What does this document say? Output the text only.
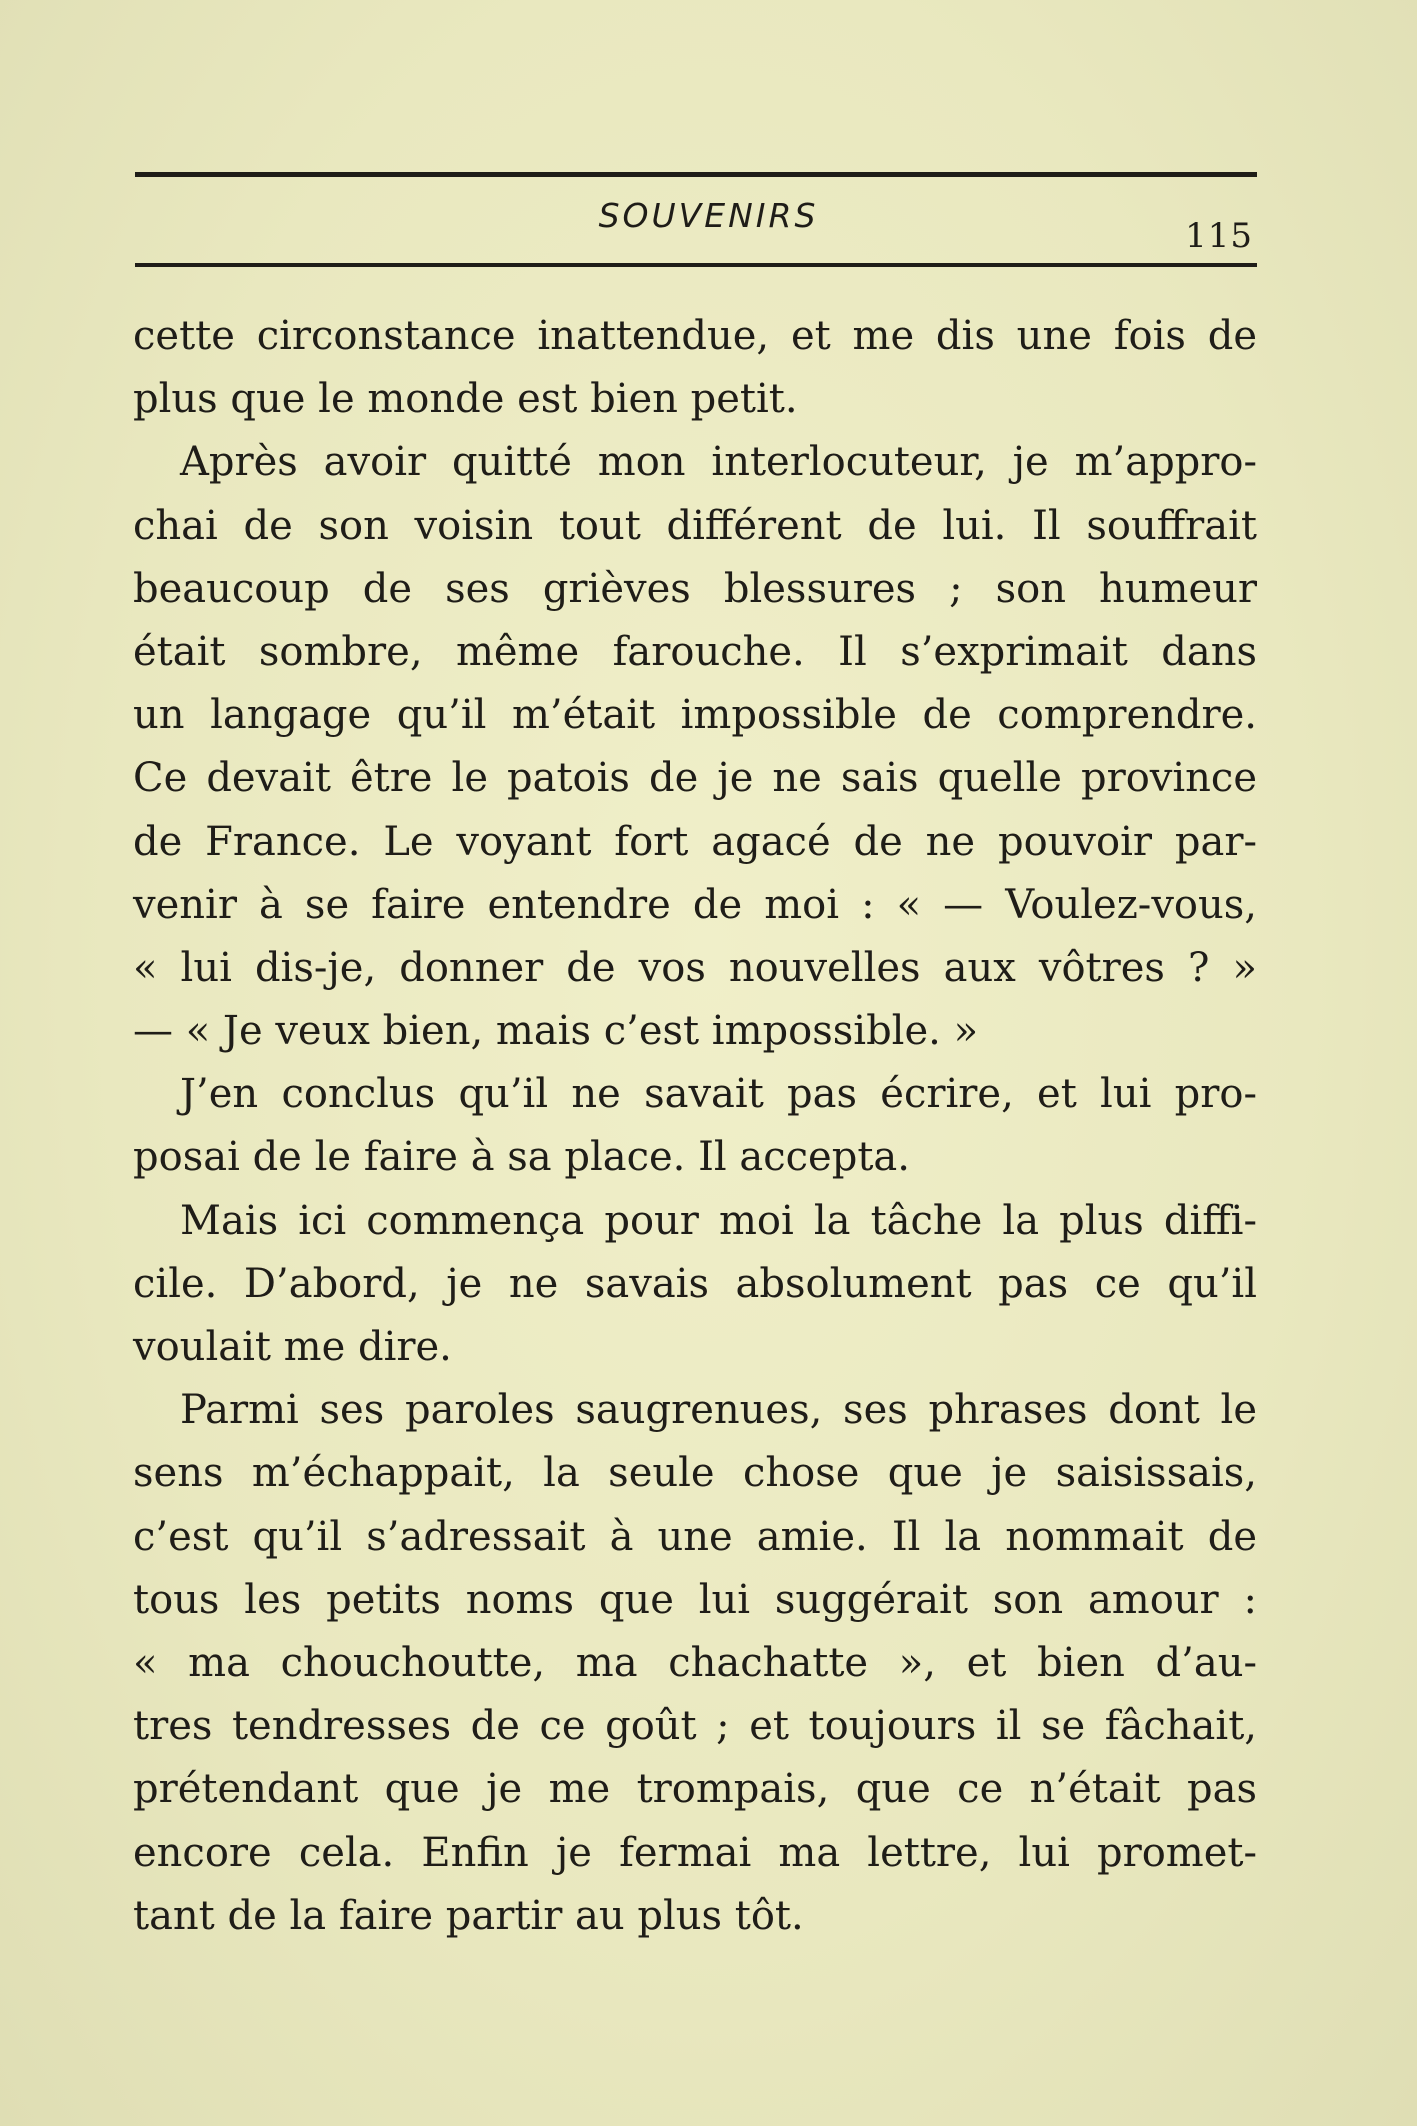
SOUVENIRS
115
cette circonstance inattendue, et me dis une fois de
plus que le monde est bien petit.
Après avoir quitté mon interlocuteur, je m’appro-
chai de son voisin tout différent de lui. Il souffrait
beaucoup de ses grièves blessures ; son humeur
était sombre, même farouche. Il s’exprimait dans
un langage qu’il m’était impossible de comprendre.
Ce devait être le patois de je ne sais quelle province
de France. Le voyant fort agacé de ne pouvoir par-
venir à se faire entendre de moi : « — Voulez-vous,
« lui dis-je, donner de vos nouvelles aux vôtres ? »
— « Je veux bien, mais c’est impossible. »
J’en conclus qu’il ne savait pas écrire, et lui pro-
posai de le faire à sa place. Il accepta.
Mais ici commença pour moi la tâche la plus diffi-
cile. D’abord, je ne savais absolument pas ce qu’il
voulait me dire.
Parmi ses paroles saugrenues, ses phrases dont le
sens m’échappait, la seule chose que je saisissais,
c’est qu’il s’adressait à une amie. Il la nommait de
tous les petits noms que lui suggérait son amour :
« ma chouchoutte, ma chachatte », et bien d’au-
tres tendresses de ce goût ; et toujours il se fâchait,
prétendant que je me trompais, que ce n’était pas
encore cela. Enfin je fermai ma lettre, lui promet-
tant de la faire partir au plus tôt.
